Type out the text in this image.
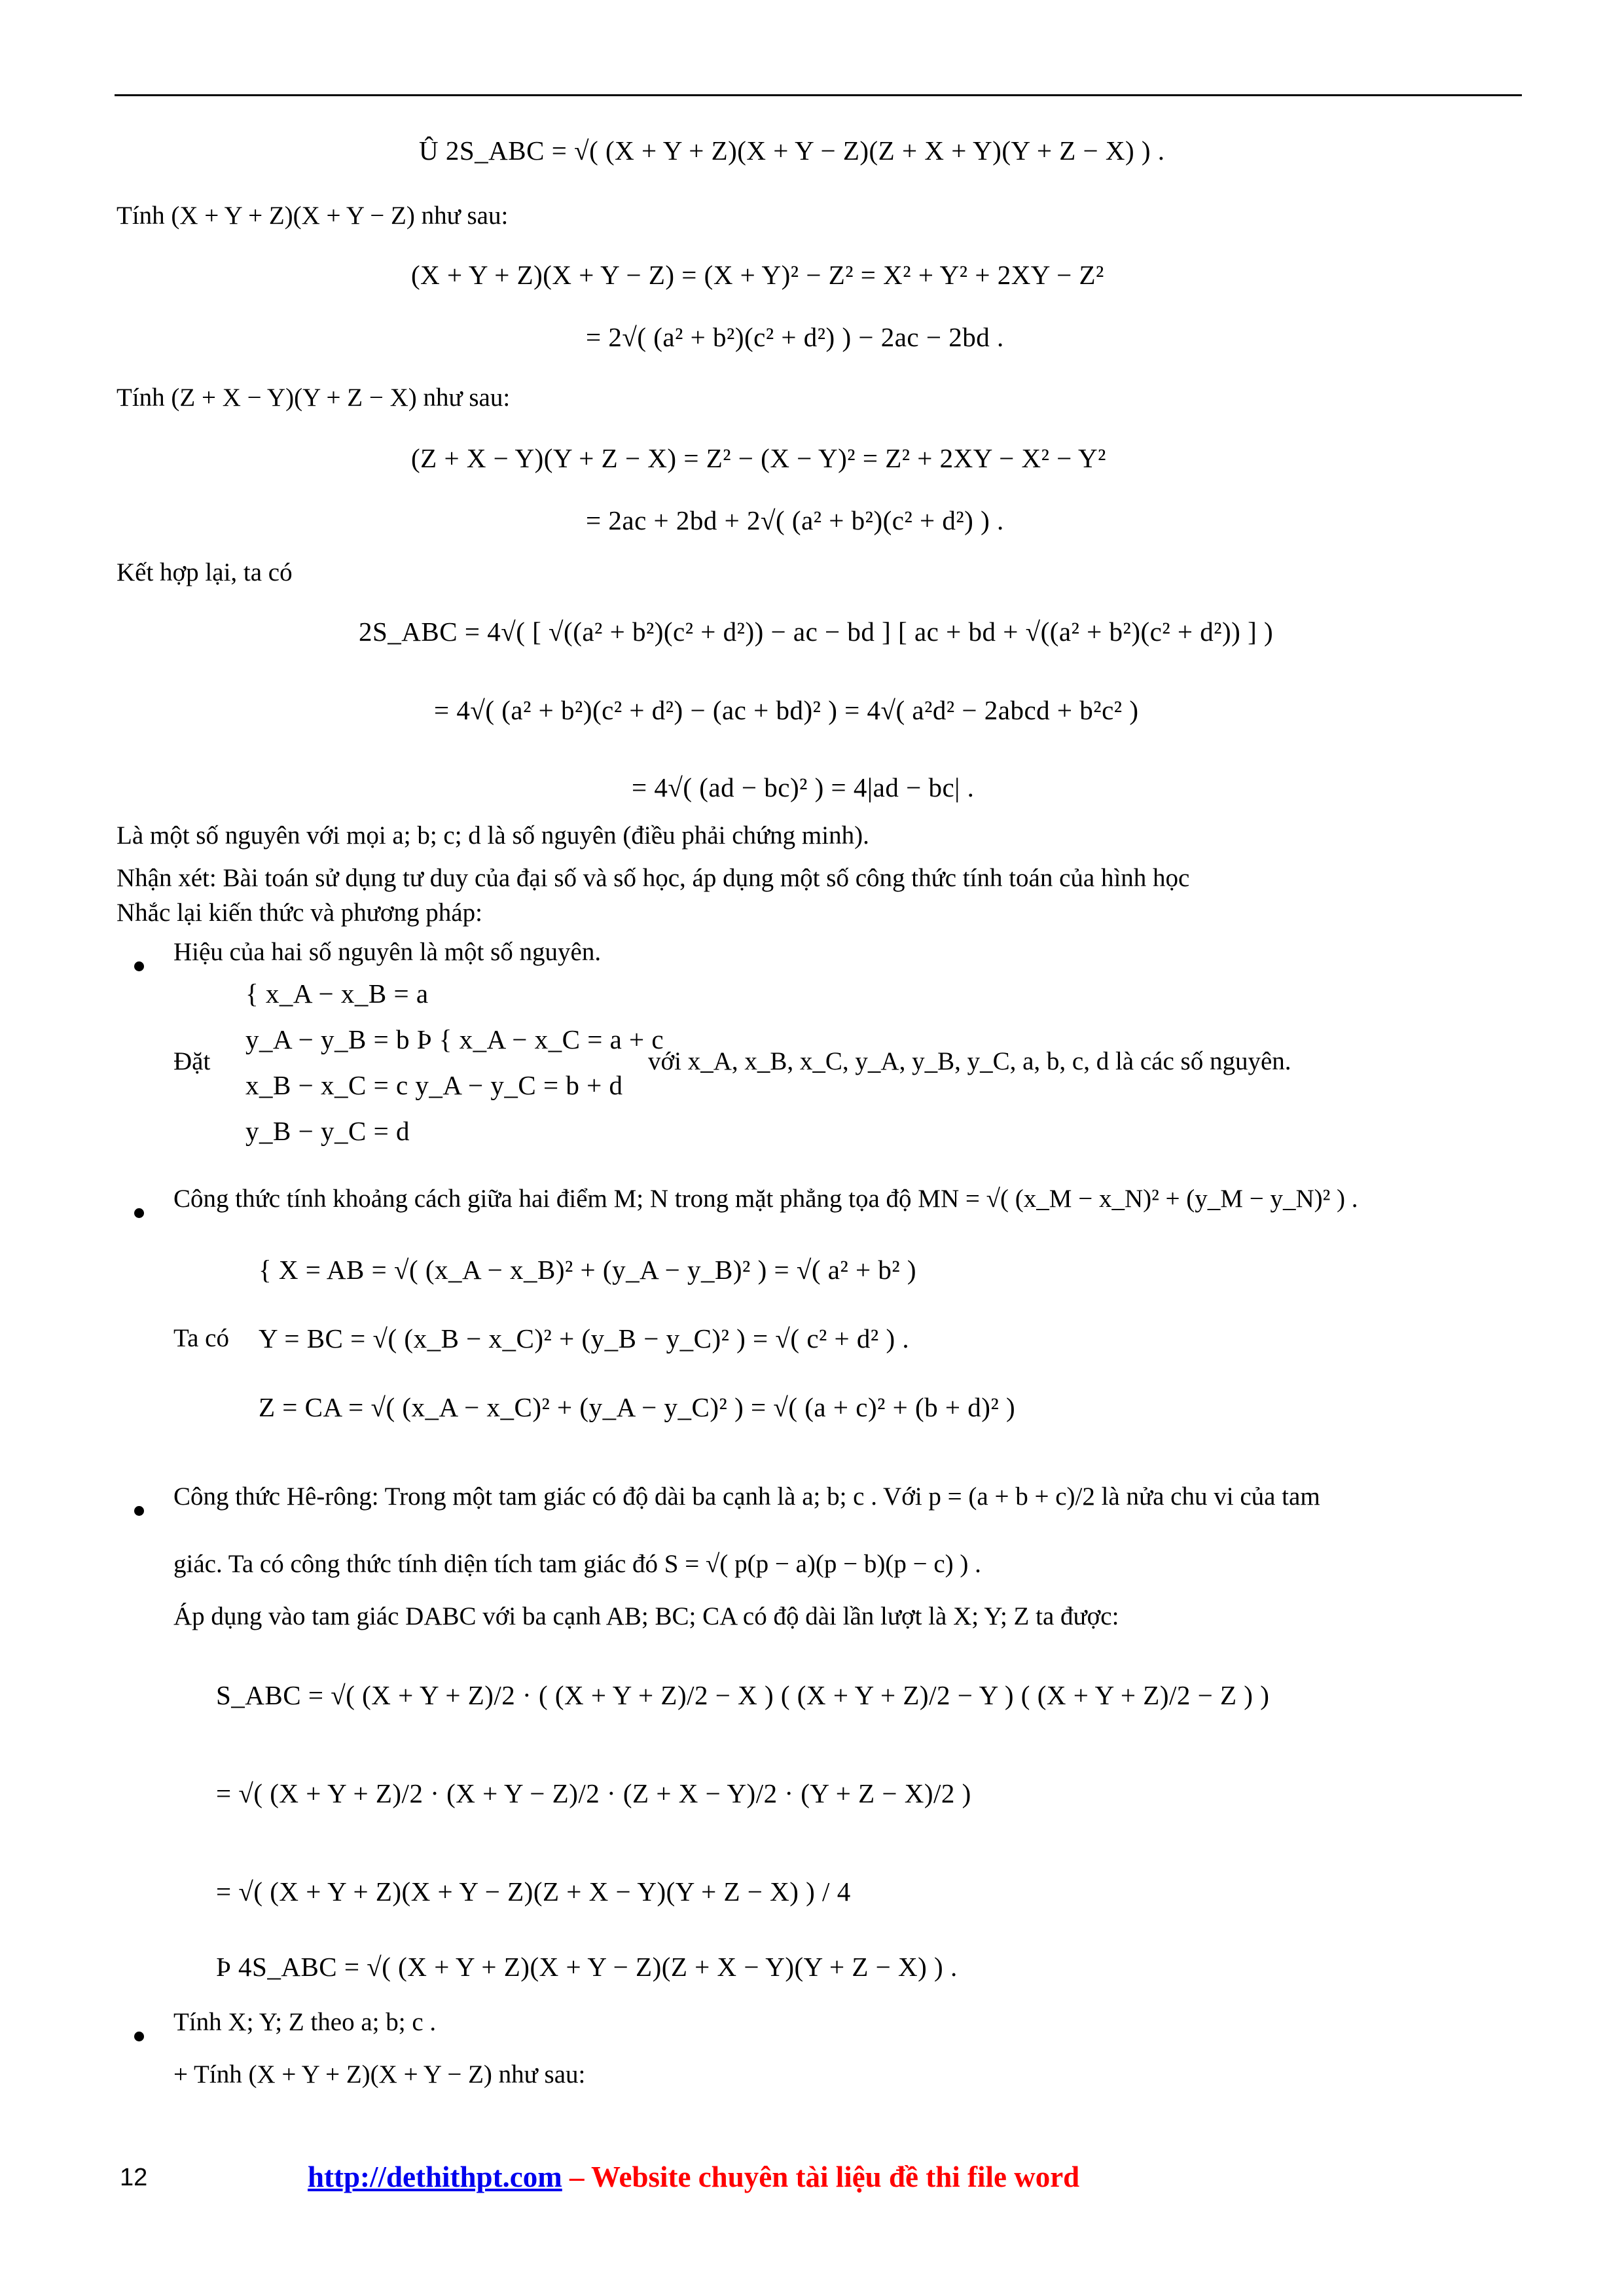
Û 2S_ABC = √( (X + Y + Z)(X + Y − Z)(Z + X + Y)(Y + Z − X) ) .
Tính (X + Y + Z)(X + Y − Z) như sau:
(X + Y + Z)(X + Y − Z) = (X + Y)² − Z² = X² + Y² + 2XY − Z²
= 2√( (a² + b²)(c² + d²) ) − 2ac − 2bd .
Tính (Z + X − Y)(Y + Z − X) như sau:
(Z + X − Y)(Y + Z − X) = Z² − (X − Y)² = Z² + 2XY − X² − Y²
= 2ac + 2bd + 2√( (a² + b²)(c² + d²) ) .
Kết hợp lại, ta có
2S_ABC = 4√( [ √((a² + b²)(c² + d²)) − ac − bd ] [ ac + bd + √((a² + b²)(c² + d²)) ] )
= 4√( (a² + b²)(c² + d²) − (ac + bd)² ) = 4√( a²d² − 2abcd + b²c² )
= 4√( (ad − bc)² ) = 4|ad − bc| .
Là một số nguyên với mọi a; b; c; d là số nguyên (điều phải chứng minh).
Nhận xét: Bài toán sử dụng tư duy của đại số và số học, áp dụng một số công thức tính toán của hình học
Nhắc lại kiến thức và phương pháp:
Hiệu của hai số nguyên là một số nguyên.
{ x_A − x_B = a
y_A − y_B = b Þ { x_A − x_C = a + c
Đặt
x_B − x_C = c y_A − y_C = b + d
với x_A, x_B, x_C, y_A, y_B, y_C, a, b, c, d là các số nguyên.
y_B − y_C = d
Công thức tính khoảng cách giữa hai điểm M; N trong mặt phẳng tọa độ MN = √( (x_M − x_N)² + (y_M − y_N)² ) .
{ X = AB = √( (x_A − x_B)² + (y_A − y_B)² ) = √( a² + b² )
Ta có Y = BC = √( (x_B − x_C)² + (y_B − y_C)² ) = √( c² + d² ) .
Z = CA = √( (x_A − x_C)² + (y_A − y_C)² ) = √( (a + c)² + (b + d)² )
Công thức Hê-rông: Trong một tam giác có độ dài ba cạnh là a; b; c . Với p = (a + b + c)/2 là nửa chu vi của tam
giác. Ta có công thức tính diện tích tam giác đó S = √( p(p − a)(p − b)(p − c) ) .
Áp dụng vào tam giác DABC với ba cạnh AB; BC; CA có độ dài lần lượt là X; Y; Z ta được:
S_ABC = √( (X + Y + Z)/2 · ( (X + Y + Z)/2 − X ) ( (X + Y + Z)/2 − Y ) ( (X + Y + Z)/2 − Z ) )
= √( (X + Y + Z)/2 · (X + Y − Z)/2 · (Z + X − Y)/2 · (Y + Z − X)/2 )
= √( (X + Y + Z)(X + Y − Z)(Z + X − Y)(Y + Z − X) ) / 4
Þ 4S_ABC = √( (X + Y + Z)(X + Y − Z)(Z + X − Y)(Y + Z − X) ) .
Tính X; Y; Z theo a; b; c .
+ Tính (X + Y + Z)(X + Y − Z) như sau:
12	http://dethithpt.com – Website chuyên tài liệu đề thi file word
